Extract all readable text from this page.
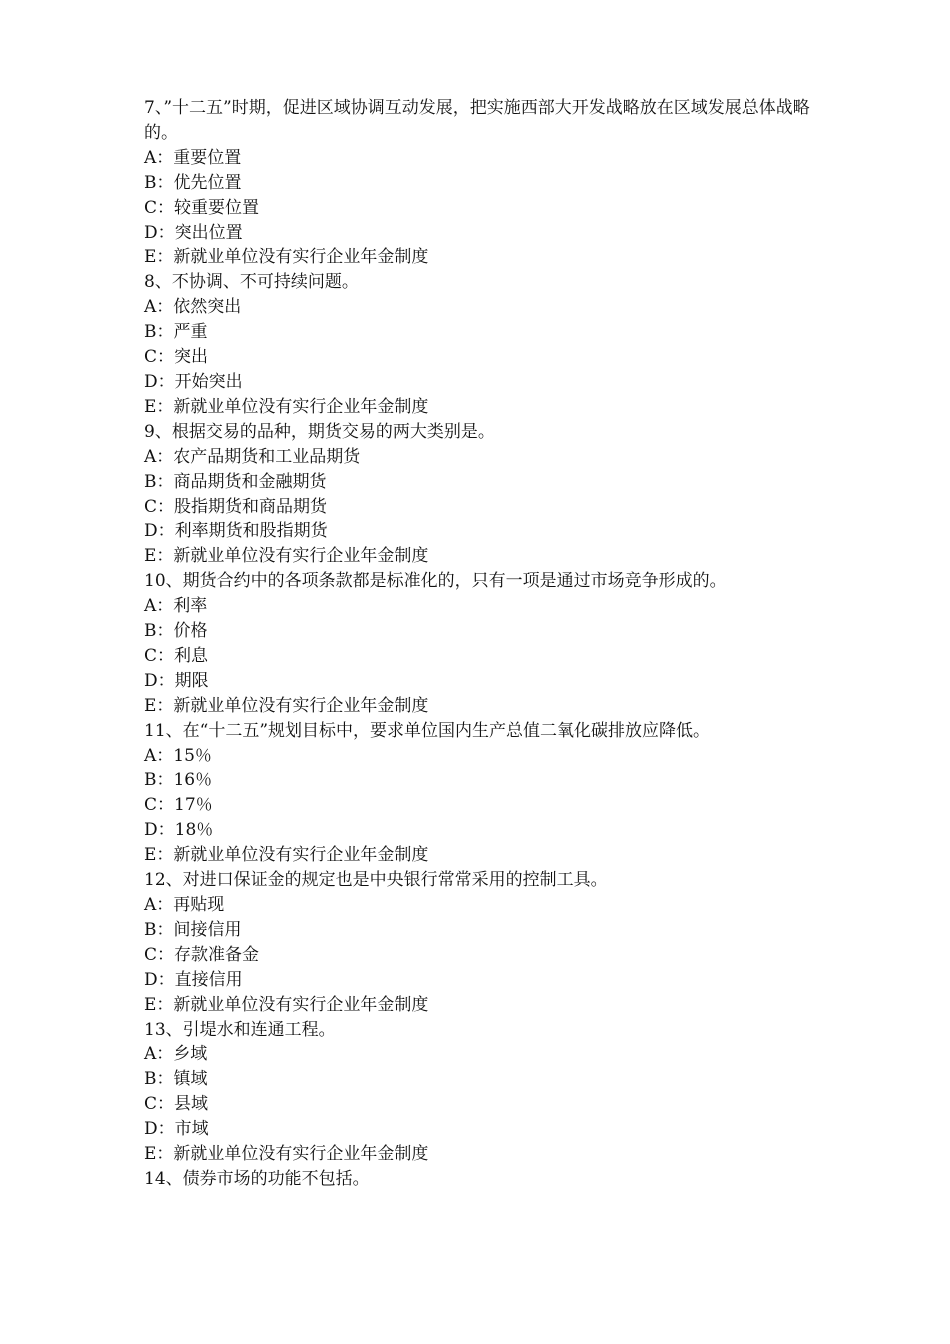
7、”十二五”时期，促进区域协调互动发展，把实施西部大开发战略放在区域发展总体战略的。
A：重要位置
B：优先位置
C：较重要位置
D：突出位置
E：新就业单位没有实行企业年金制度
8、不协调、不可持续问题。
A：依然突出
B：严重
C：突出
D：开始突出
E：新就业单位没有实行企业年金制度
9、根据交易的品种，期货交易的两大类别是。
A：农产品期货和工业品期货
B：商品期货和金融期货
C：股指期货和商品期货
D：利率期货和股指期货
E：新就业单位没有实行企业年金制度
10、期货合约中的各项条款都是标准化的，只有一项是通过市场竞争形成的。
A：利率
B：价格
C：利息
D：期限
E：新就业单位没有实行企业年金制度
11、在“十二五”规划目标中，要求单位国内生产总值二氧化碳排放应降低。
A：15％
B：16％
C：17％
D：18％
E：新就业单位没有实行企业年金制度
12、对进口保证金的规定也是中央银行常常采用的控制工具。
A：再贴现
B：间接信用
C：存款准备金
D：直接信用
E：新就业单位没有实行企业年金制度
13、引堤水和连通工程。
A：乡域
B：镇域
C：县域
D：市域
E：新就业单位没有实行企业年金制度
14、债券市场的功能不包括。
